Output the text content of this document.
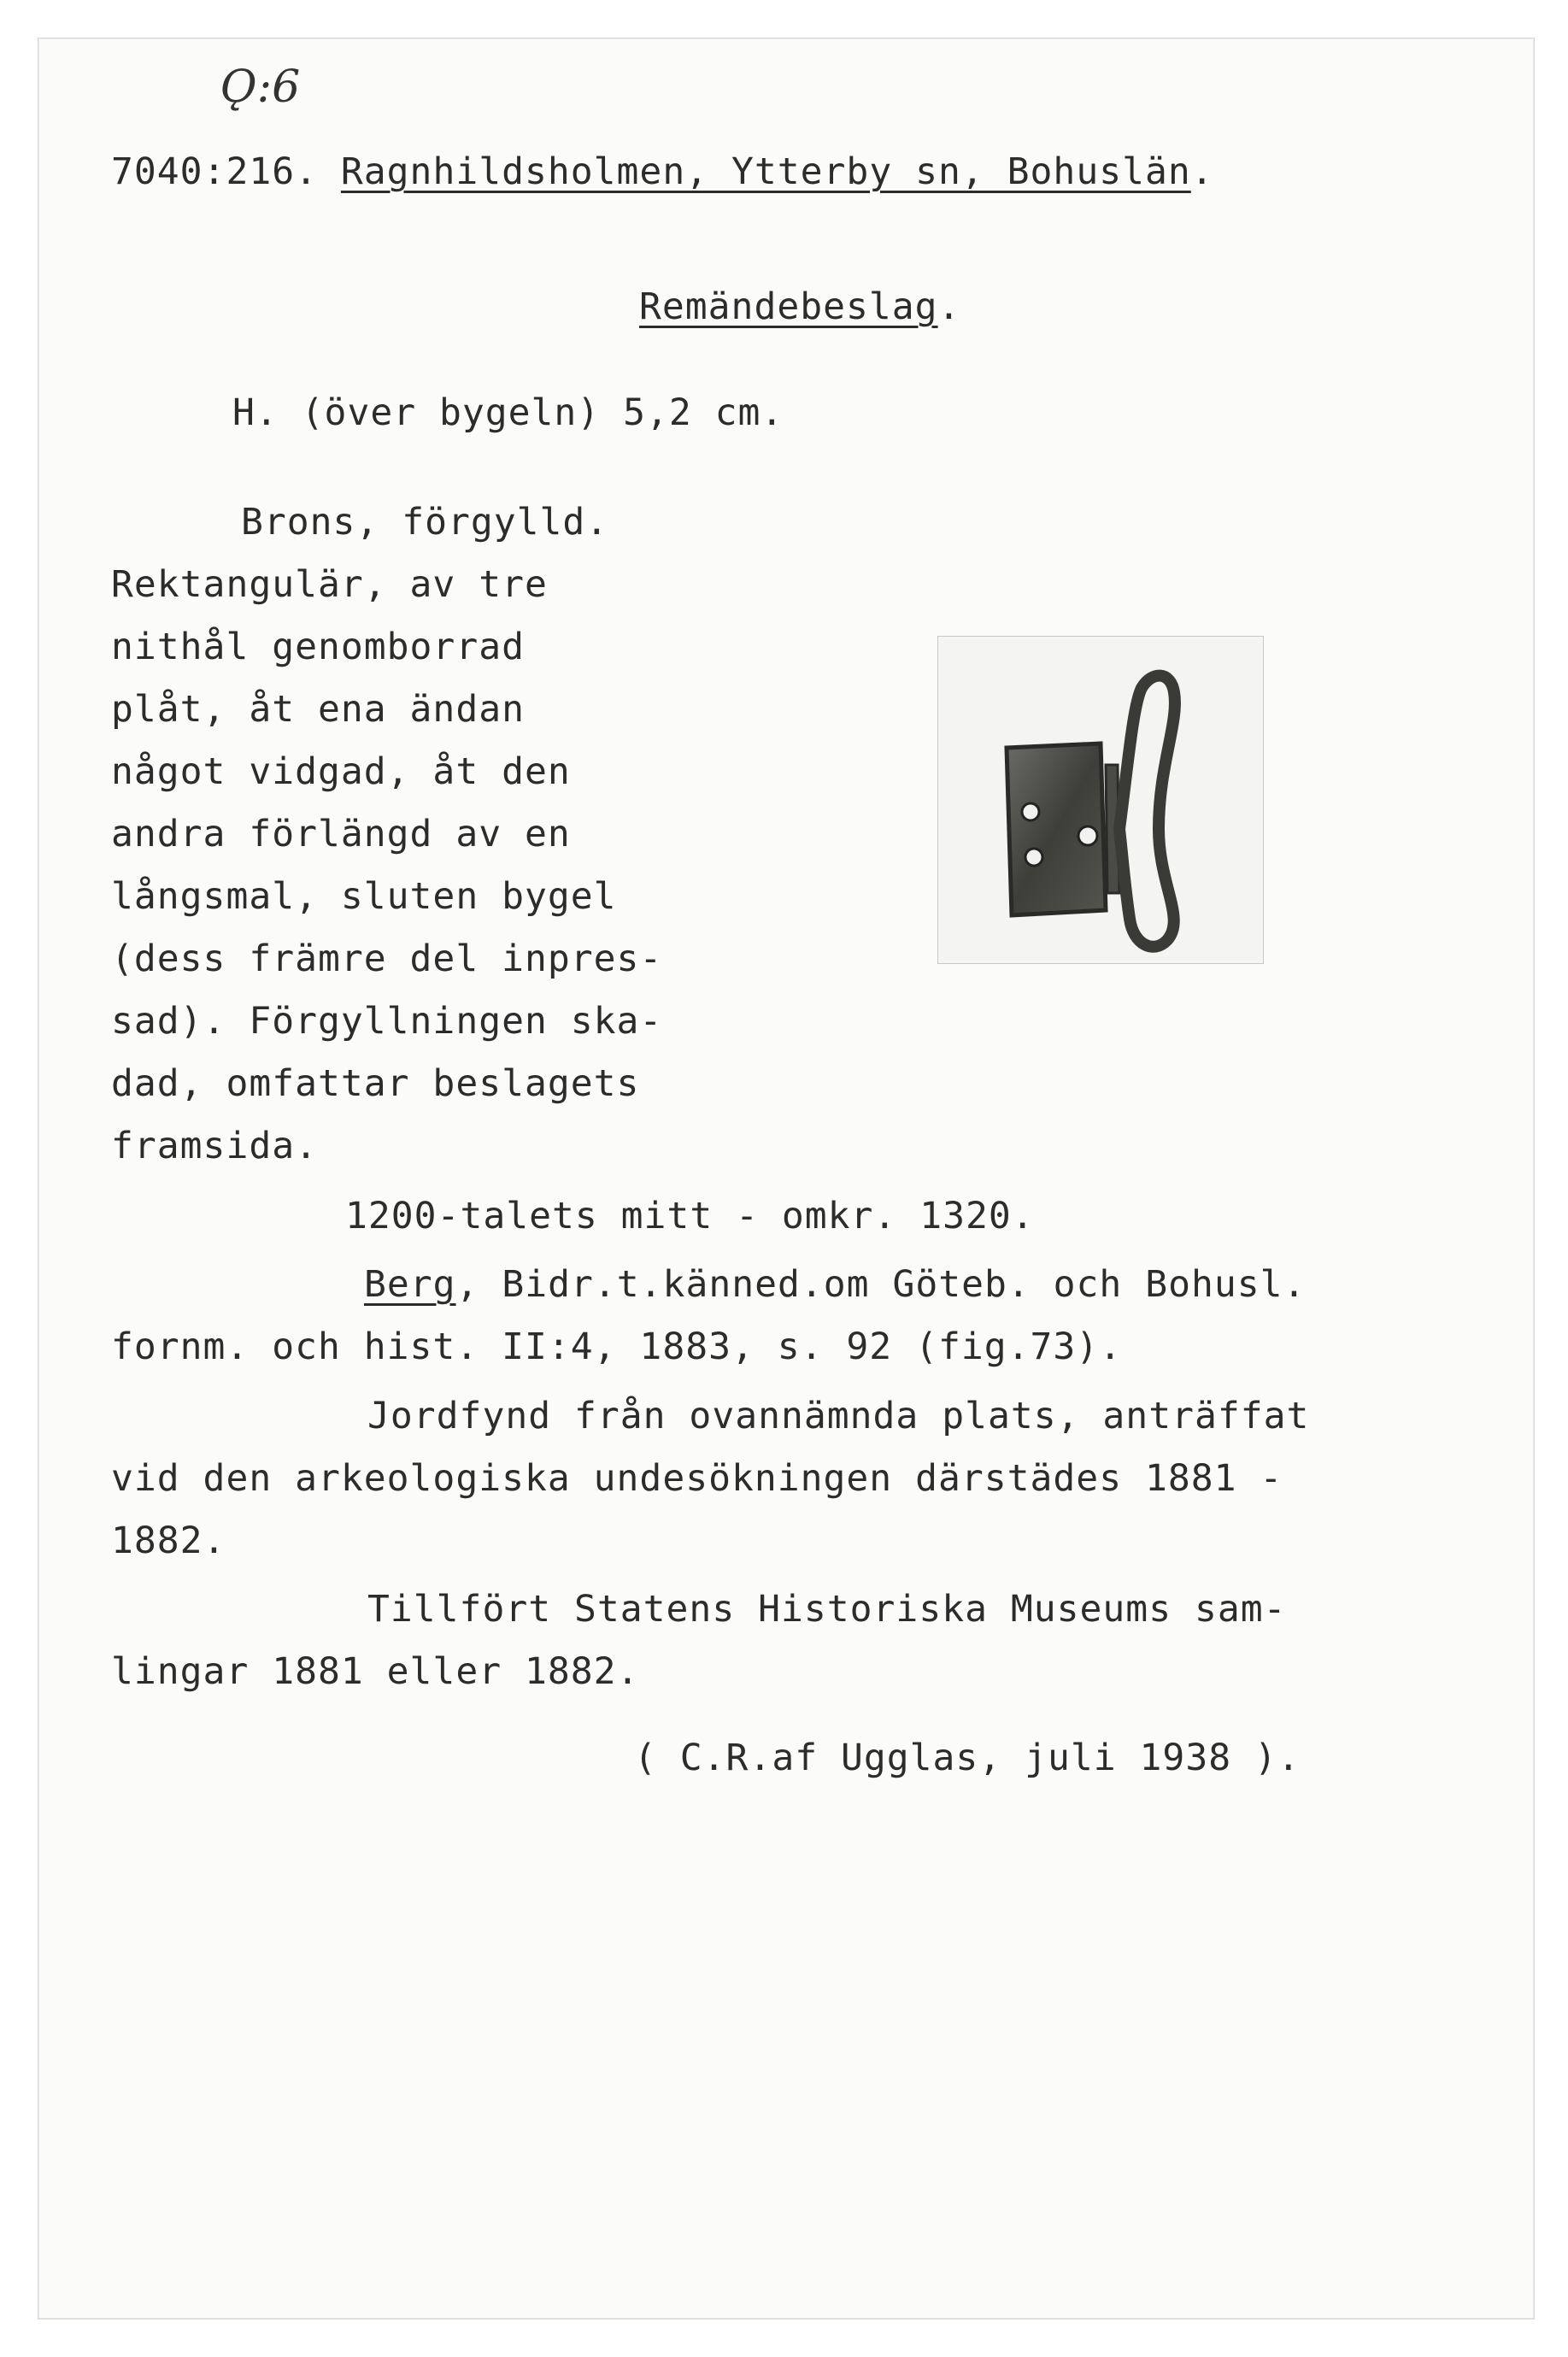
Ǫ:6
7040:216. Ragnhildsholmen, Ytterby sn, Bohuslän.
Remändebeslag.
H. (över bygeln) 5,2 cm.
Brons, förgylld.
Rektangulär, av tre
nithål genomborrad
plåt, åt ena ändan
något vidgad, åt den
andra förlängd av en
långsmal, sluten bygel
(dess främre del inpres-
sad). Förgyllningen ska-
dad, omfattar beslagets
framsida.
1200-talets mitt - omkr. 1320.
Berg, Bidr.t.känned.om Göteb. och Bohusl.
fornm. och hist. II:4, 1883, s. 92 (fig.73).
Jordfynd från ovannämnda plats, anträffat
vid den arkeologiska undesökningen därstädes 1881 -
1882.
Tillfört Statens Historiska Museums sam-
lingar 1881 eller 1882.
( C.R.af Ugglas, juli 1938 ).
